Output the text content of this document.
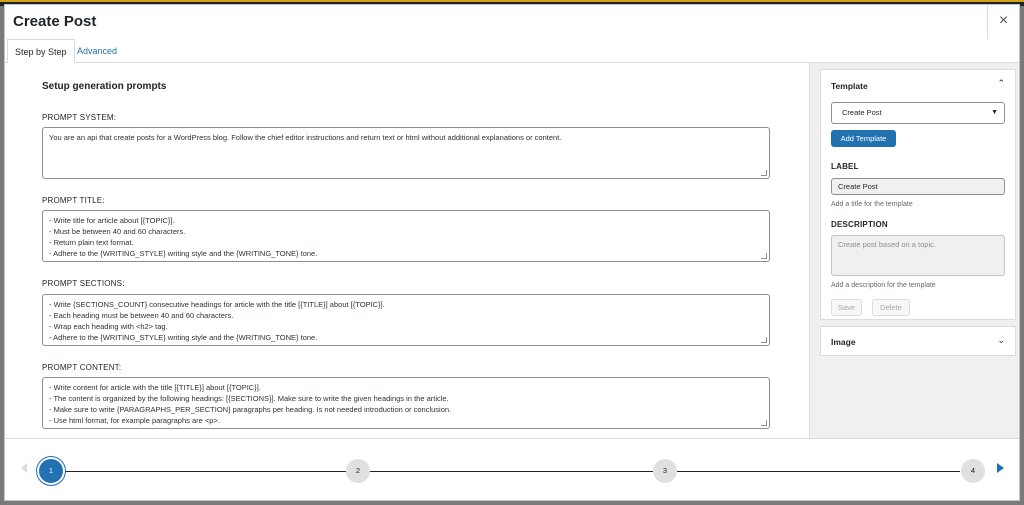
Create Post	×
Step by Step	Advanced
Setup generation prompts
PROMPT SYSTEM:
You are an api that create posts for a WordPress blog. Follow the chief editor instructions and return text or html without additional explanations or content.
PROMPT TITLE:
- Write title for article about [{TOPIC}].
- Must be between 40 and 60 characters.
- Return plain text format.
- Adhere to the {WRITING_STYLE} writing style and the {WRITING_TONE} tone.
PROMPT SECTIONS:
- Write {SECTIONS_COUNT} consecutive headings for article with the title [{TITLE}] about [{TOPIC}].
- Each heading must be between 40 and 60 characters.
- Wrap each heading with <h2> tag.
- Adhere to the {WRITING_STYLE} writing style and the {WRITING_TONE} tone.
PROMPT CONTENT:
- Write content for article with the title [{TITLE}] about [{TOPIC}].
- The content is organized by the following headings: [{SECTIONS}]. Make sure to write the given headings in the article.
- Make sure to write {PARAGRAPHS_PER_SECTION} paragraphs per heading. Is not needed introduction or conclusion.
- Use html format, for example paragraphs are <p>.
Template	⌃
Create Post	▼
Add Template
LABEL
Create Post
Add a title for the template
DESCRIPTION
Create post based on a topic.
Add a description for the template
Save	Delete
Image	⌄
1	2	3	4
